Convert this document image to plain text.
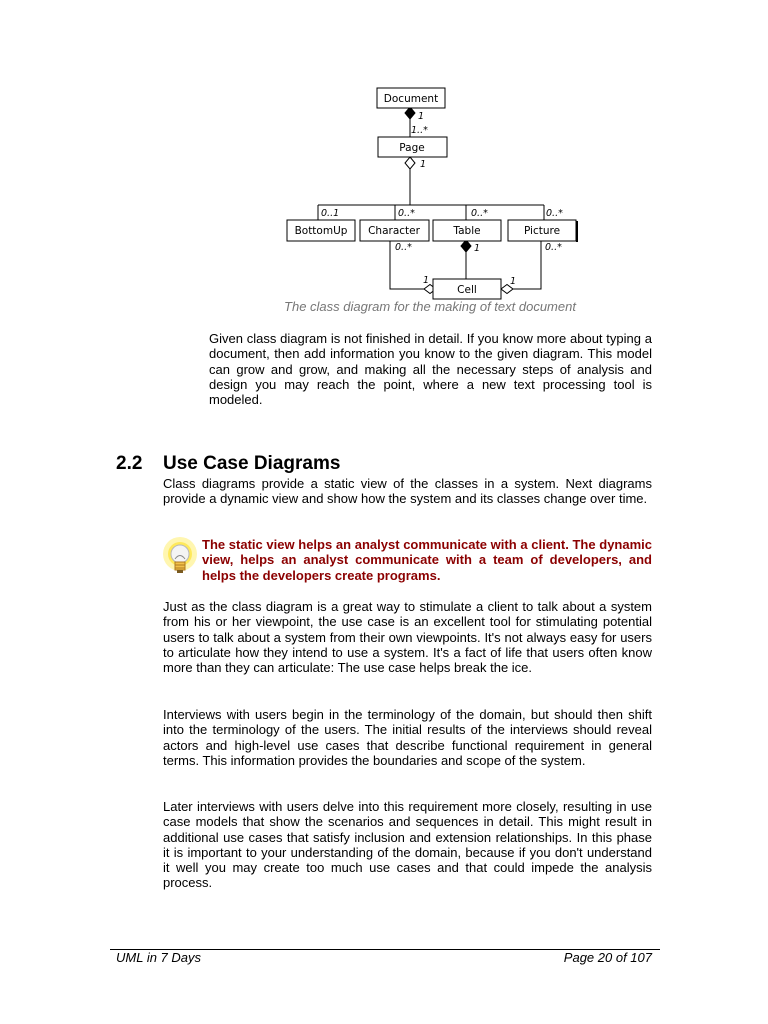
Document
Page
BottomUp Character	Table	Picture
Cell
1
1..*
1
0..1	0..*	0..*	0..*
0..*	1	0..*
1	1
The class diagram for the making of text document

Given class diagram is not finished in detail. If you know more about typing a document, then add information you know to the given diagram. This model can grow and grow, and making all the necessary steps of analysis and design you may reach the point, where a new text processing tool is modeled.

2.2 Use Case Diagrams

Class diagrams provide a static view of the classes in a system. Next diagrams provide a dynamic view and show how the system and its classes change over time.

The static view helps an analyst communicate with a client. The dynamic view, helps an analyst communicate with a team of developers, and helps the developers create programs.

Just as the class diagram is a great way to stimulate a client to talk about a system from his or her viewpoint, the use case is an excellent tool for stimulating potential users to talk about a system from their own viewpoints. It's not always easy for users to articulate how they intend to use a system. It's a fact of life that users often know more than they can articulate: The use case helps break the ice.

Interviews with users begin in the terminology of the domain, but should then shift into the terminology of the users. The initial results of the interviews should reveal actors and high-level use cases that describe functional requirement in general terms. This information provides the boundaries and scope of the system.

Later interviews with users delve into this requirement more closely, resulting in use case models that show the scenarios and sequences in detail. This might result in additional use cases that satisfy inclusion and extension relationships. In this phase it is important to your understanding of the domain, because if you don't understand it well you may create too much use cases and that could impede the analysis process.

UML in 7 Days	Page 20 of 107
